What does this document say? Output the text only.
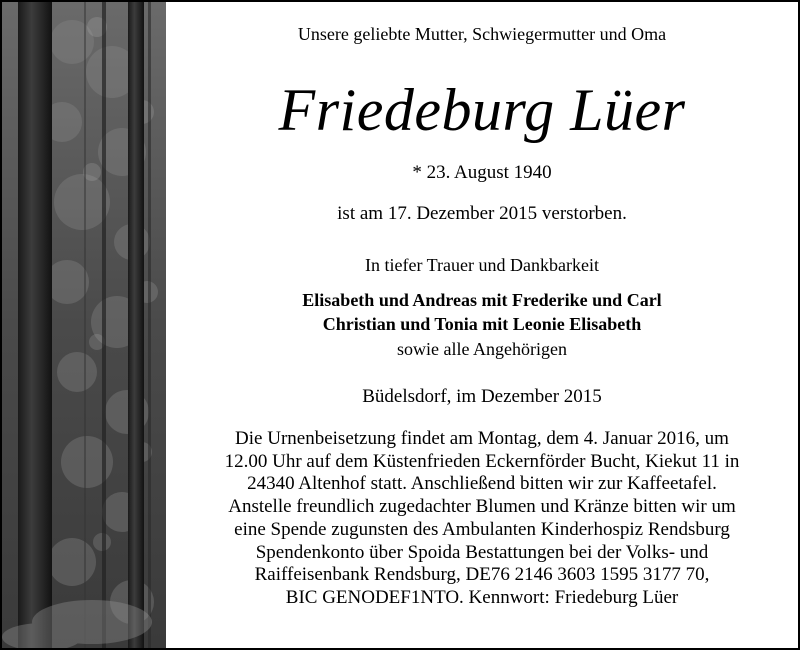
Unsere geliebte Mutter, Schwiegermutter und Oma
Friedeburg Lüer
* 23. August 1940
ist am 17. Dezember 2015 verstorben.
In tiefer Trauer und Dankbarkeit
Elisabeth und Andreas mit Frederike und Carl
Christian und Tonia mit Leonie Elisabeth
sowie alle Angehörigen
Büdelsdorf, im Dezember 2015
Die Urnenbeisetzung findet am Montag, dem 4. Januar 2016, um
12.00 Uhr auf dem Küstenfrieden Eckernförder Bucht, Kiekut 11 in
24340 Altenhof statt. Anschließend bitten wir zur Kaffeetafel.
Anstelle freundlich zugedachter Blumen und Kränze bitten wir um
eine Spende zugunsten des Ambulanten Kinderhospiz Rendsburg
Spendenkonto über Spoida Bestattungen bei der Volks- und
Raiffeisenbank Rendsburg, DE76 2146 3603 1595 3177 70,
BIC GENODEF1NTO. Kennwort: Friedeburg Lüer
